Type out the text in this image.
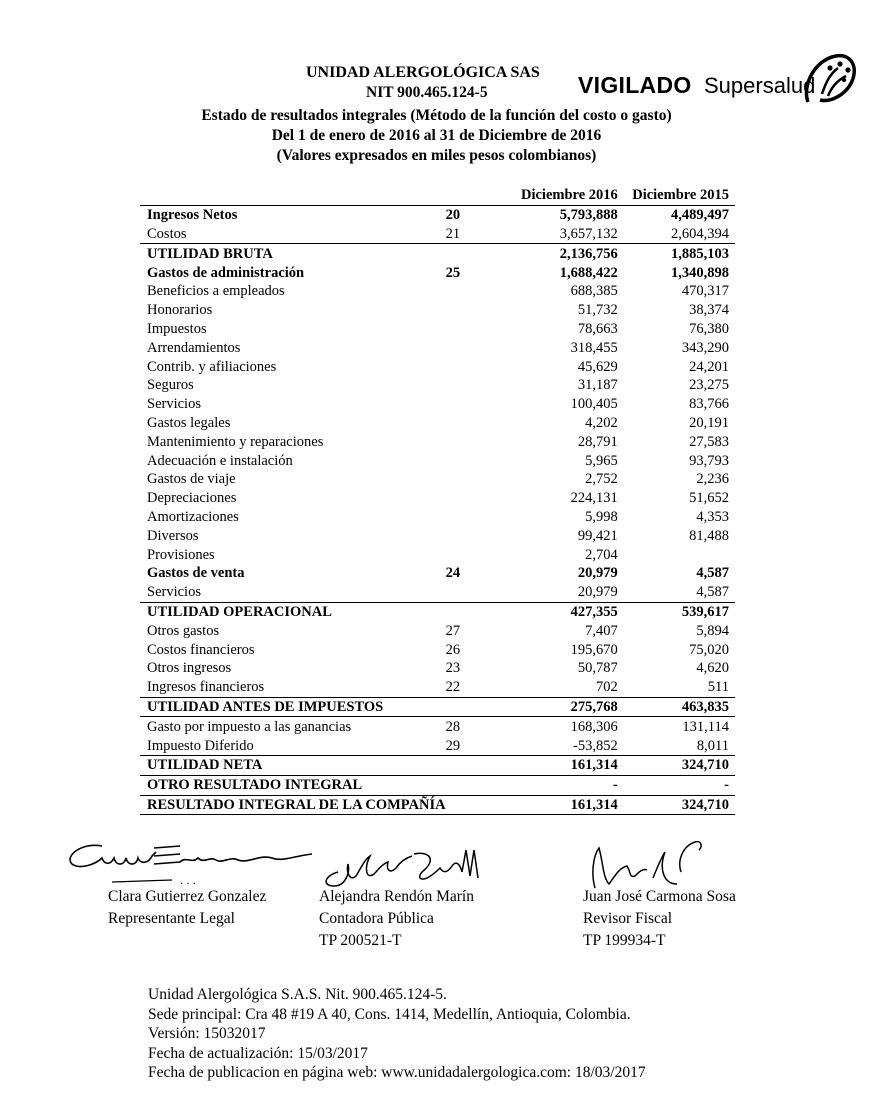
UNIDAD ALERGOLÓGICA SAS
NIT 900.465.124-5
Estado de resultados integrales (Método de la función del costo o gasto)
Del 1 de enero de 2016 al 31 de Diciembre de 2016
(Valores expresados en miles pesos colombianos)
VIGILADO Supersalud
		Diciembre 2016	Diciembre 2015
Ingresos Netos	20	5,793,888	4,489,497
Costos	21	3,657,132	2,604,394
UTILIDAD BRUTA		2,136,756	1,885,103
Gastos de administración	25	1,688,422	1,340,898
Beneficios a empleados		688,385	470,317
Honorarios		51,732	38,374
Impuestos		78,663	76,380
Arrendamientos		318,455	343,290
Contrib. y afiliaciones		45,629	24,201
Seguros		31,187	23,275
Servicios		100,405	83,766
Gastos legales		4,202	20,191
Mantenimiento y reparaciones		28,791	27,583
Adecuación e instalación		5,965	93,793
Gastos de viaje		2,752	2,236
Depreciaciones		224,131	51,652
Amortizaciones		5,998	4,353
Diversos		99,421	81,488
Provisiones		2,704	
Gastos de venta	24	20,979	4,587
Servicios		20,979	4,587
UTILIDAD OPERACIONAL		427,355	539,617
Otros gastos	27	7,407	5,894
Costos financieros	26	195,670	75,020
Otros ingresos	23	50,787	4,620
Ingresos financieros	22	702	511
UTILIDAD ANTES DE IMPUESTOS		275,768	463,835
Gasto por impuesto a las ganancias	28	168,306	131,114
Impuesto Diferido	29	-53,852	8,011
UTILIDAD NETA		161,314	324,710
OTRO RESULTADO INTEGRAL		-	-
RESULTADO INTEGRAL DE LA COMPAÑÍA		161,314	324,710
. . .
Clara Gutierrez Gonzalez
Representante Legal
Alejandra Rendón Marín
Contadora Pública
TP 200521-T
Juan José Carmona Sosa
Revisor Fiscal
TP 199934-T
Unidad Alergológica S.A.S. Nit. 900.465.124-5.
Sede principal: Cra 48 #19 A 40, Cons. 1414, Medellín, Antioquia, Colombia.
Versión: 15032017
Fecha de actualización: 15/03/2017
Fecha de publicacion en página web: www.unidadalergologica.com: 18/03/2017
